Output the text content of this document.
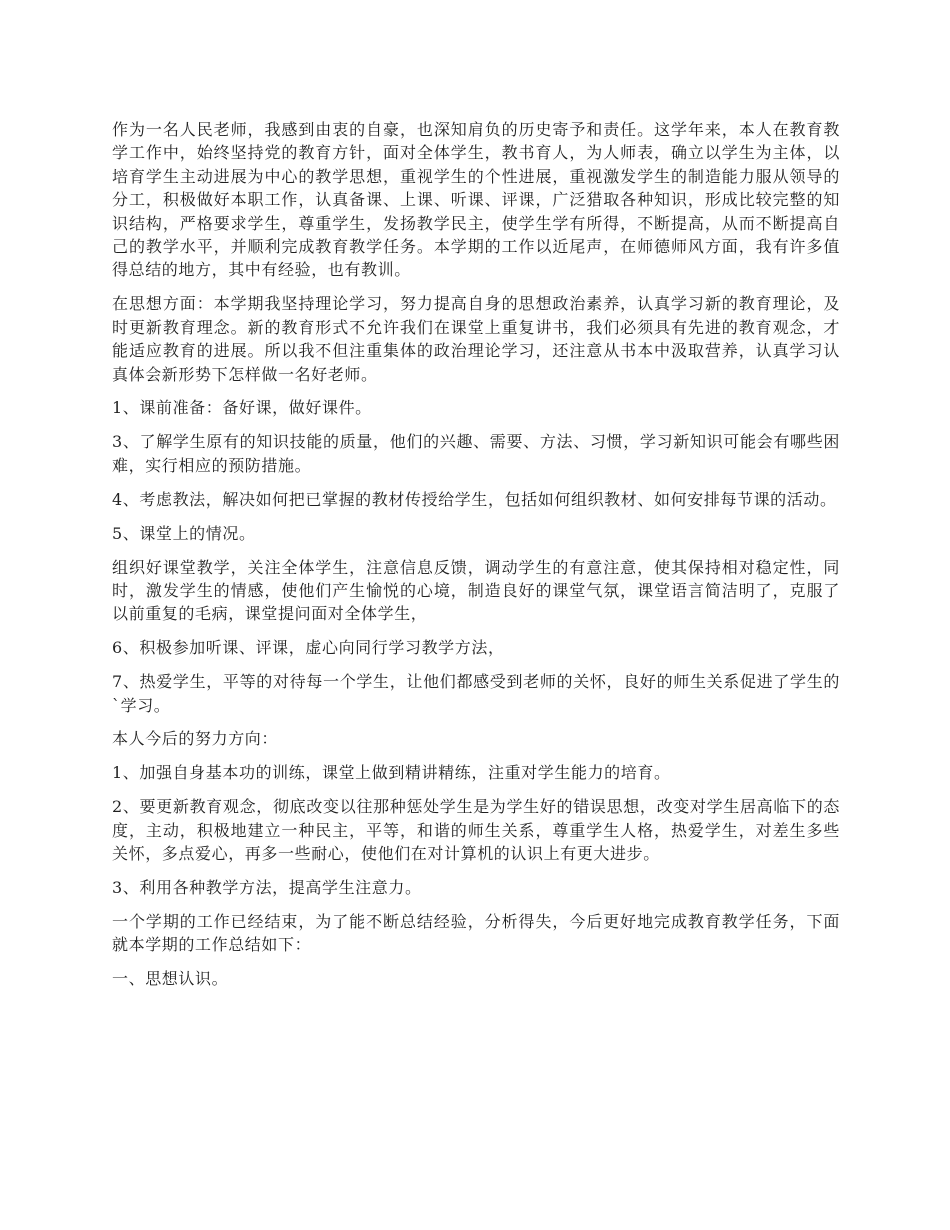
作为一名人民老师，我感到由衷的自豪，也深知肩负的历史寄予和责任。这学年来，本人在教育教学工作中，始终坚持党的教育方针，面对全体学生，教书育人，为人师表，确立以学生为主体，以培育学生主动进展为中心的教学思想，重视学生的个性进展，重视激发学生的制造能力服从领导的分工，积极做好本职工作，认真备课、上课、听课、评课，广泛猎取各种知识，形成比较完整的知识结构，严格要求学生，尊重学生，发扬教学民主，使学生学有所得，不断提高，从而不断提高自己的教学水平，并顺利完成教育教学任务。本学期的工作以近尾声，在师德师风方面，我有许多值得总结的地方，其中有经验，也有教训。

在思想方面：本学期我坚持理论学习，努力提高自身的思想政治素养，认真学习新的教育理论，及时更新教育理念。新的教育形式不允许我们在课堂上重复讲书，我们必须具有先进的教育观念，才能适应教育的进展。所以我不但注重集体的政治理论学习，还注意从书本中汲取营养，认真学习认真体会新形势下怎样做一名好老师。

1、课前准备：备好课，做好课件。

3、了解学生原有的知识技能的质量，他们的兴趣、需要、方法、习惯，学习新知识可能会有哪些困难，实行相应的预防措施。

4、考虑教法，解决如何把已掌握的教材传授给学生，包括如何组织教材、如何安排每节课的活动。

5、课堂上的情况。

组织好课堂教学，关注全体学生，注意信息反馈，调动学生的有意注意，使其保持相对稳定性，同时，激发学生的情感，使他们产生愉悦的心境，制造良好的课堂气氛，课堂语言简洁明了，克服了以前重复的毛病，课堂提问面对全体学生，

6、积极参加听课、评课，虚心向同行学习教学方法，

7、热爱学生，平等的对待每一个学生，让他们都感受到老师的关怀，良好的师生关系促进了学生的`学习。

本人今后的努力方向：

1、加强自身基本功的训练，课堂上做到精讲精练，注重对学生能力的培育。

2、要更新教育观念，彻底改变以往那种惩处学生是为学生好的错误思想，改变对学生居高临下的态度，主动，积极地建立一种民主，平等，和谐的师生关系，尊重学生人格，热爱学生，对差生多些关怀，多点爱心，再多一些耐心，使他们在对计算机的认识上有更大进步。

3、利用各种教学方法，提高学生注意力。

一个学期的工作已经结束，为了能不断总结经验，分析得失，今后更好地完成教育教学任务，下面就本学期的工作总结如下：

一、思想认识。
